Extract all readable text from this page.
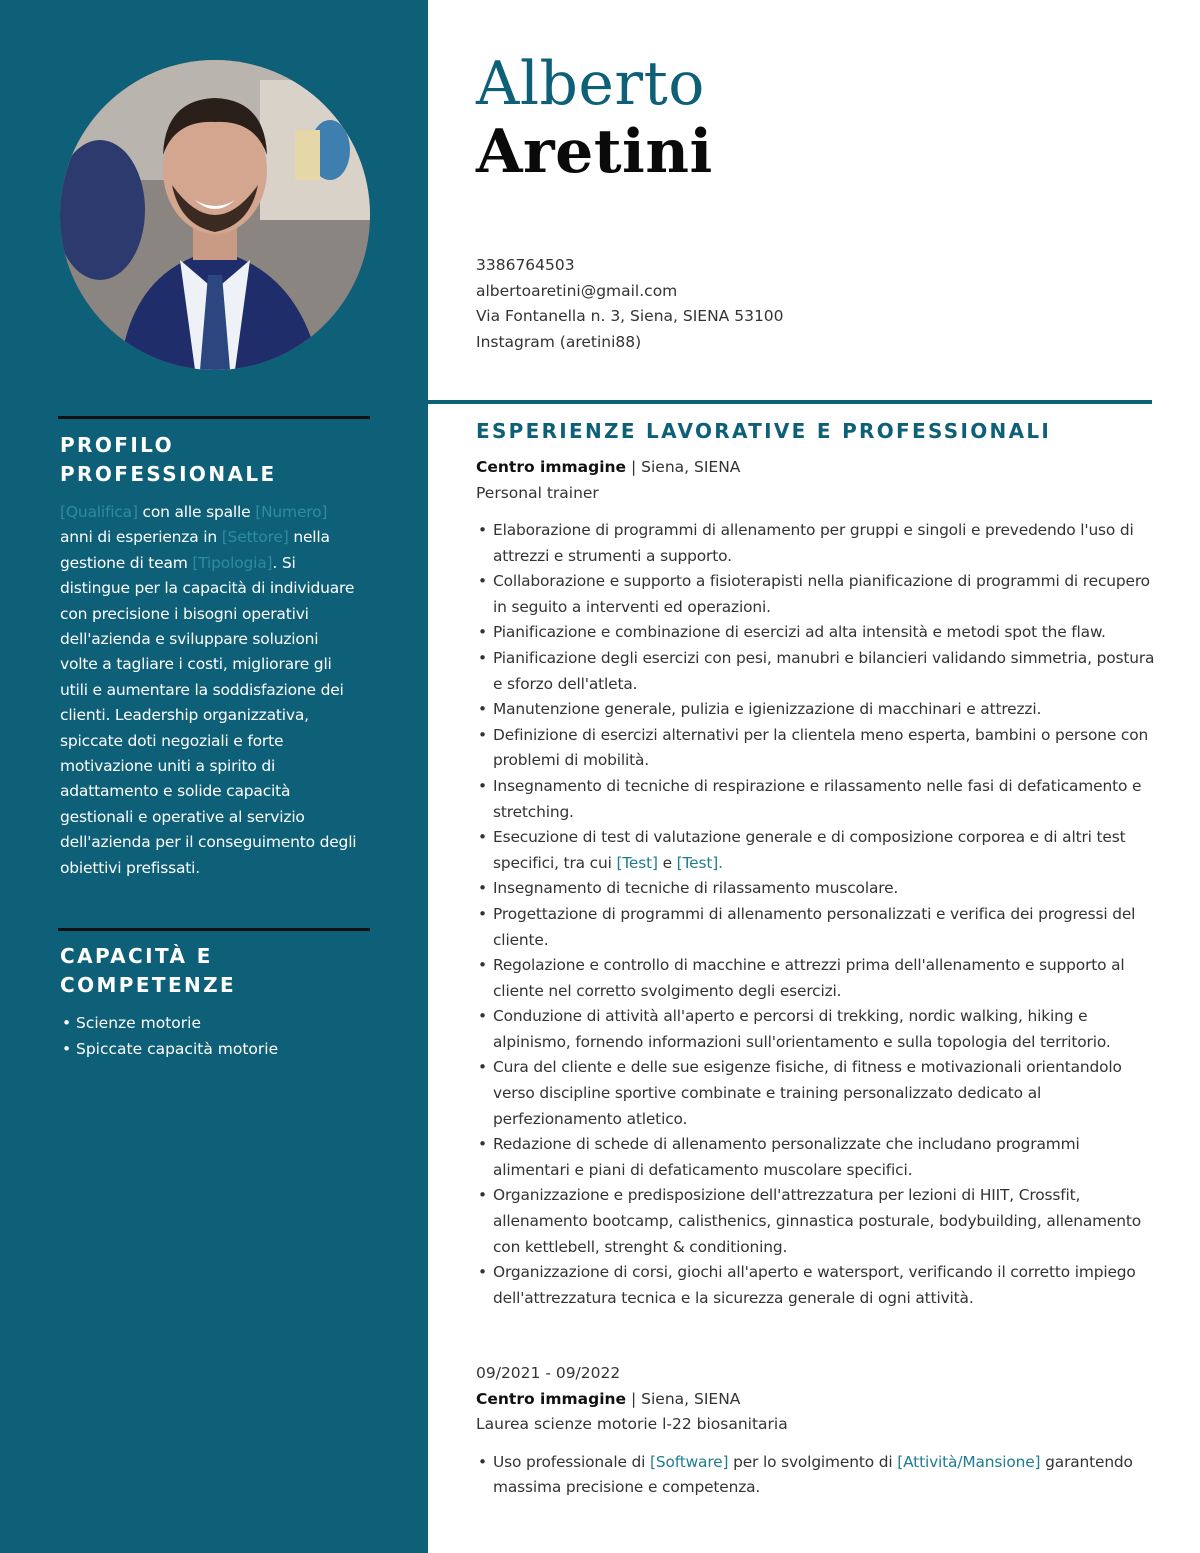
PROFILO
PROFESSIONALE
[Qualifica] con alle spalle [Numero] anni di esperienza in [Settore] nella gestione di team [Tipologia]. Si distingue per la capacità di individuare con precisione i bisogni operativi dell'azienda e sviluppare soluzioni volte a tagliare i costi, migliorare gli utili e aumentare la soddisfazione dei clienti. Leadership organizzativa, spiccate doti negoziali e forte motivazione uniti a spirito di adattamento e solide capacità gestionali e operative al servizio dell'azienda per il conseguimento degli obiettivi prefissati.
CAPACITÀ E
COMPETENZE
• Scienze motorie
• Spiccate capacità motorie
Alberto
Aretini
3386764503
albertoaretini@gmail.com
Via Fontanella n. 3, Siena, SIENA 53100
Instagram (aretini88)
ESPERIENZE LAVORATIVE E PROFESSIONALI
Centro immagine | Siena, SIENA
Personal trainer
• Elaborazione di programmi di allenamento per gruppi e singoli e prevedendo l'uso di attrezzi e strumenti a supporto.
• Collaborazione e supporto a fisioterapisti nella pianificazione di programmi di recupero in seguito a interventi ed operazioni.
• Pianificazione e combinazione di esercizi ad alta intensità e metodi spot the flaw.
• Pianificazione degli esercizi con pesi, manubri e bilancieri validando simmetria, postura e sforzo dell'atleta.
• Manutenzione generale, pulizia e igienizzazione di macchinari e attrezzi.
• Definizione di esercizi alternativi per la clientela meno esperta, bambini o persone con problemi di mobilità.
• Insegnamento di tecniche di respirazione e rilassamento nelle fasi di defaticamento e stretching.
• Esecuzione di test di valutazione generale e di composizione corporea e di altri test specifici, tra cui [Test] e [Test].
• Insegnamento di tecniche di rilassamento muscolare.
• Progettazione di programmi di allenamento personalizzati e verifica dei progressi del cliente.
• Regolazione e controllo di macchine e attrezzi prima dell'allenamento e supporto al cliente nel corretto svolgimento degli esercizi.
• Conduzione di attività all'aperto e percorsi di trekking, nordic walking, hiking e alpinismo, fornendo informazioni sull'orientamento e sulla topologia del territorio.
• Cura del cliente e delle sue esigenze fisiche, di fitness e motivazionali orientandolo verso discipline sportive combinate e training personalizzato dedicato al perfezionamento atletico.
• Redazione di schede di allenamento personalizzate che includano programmi alimentari e piani di defaticamento muscolare specifici.
• Organizzazione e predisposizione dell'attrezzatura per lezioni di HIIT, Crossfit, allenamento bootcamp, calisthenics, ginnastica posturale, bodybuilding, allenamento con kettlebell, strenght & conditioning.
• Organizzazione di corsi, giochi all'aperto e watersport, verificando il corretto impiego dell'attrezzatura tecnica e la sicurezza generale di ogni attività.
09/2021 - 09/2022
Centro immagine | Siena, SIENA
Laurea scienze motorie l-22 biosanitaria
• Uso professionale di [Software] per lo svolgimento di [Attività/Mansione] garantendo massima precisione e competenza.
